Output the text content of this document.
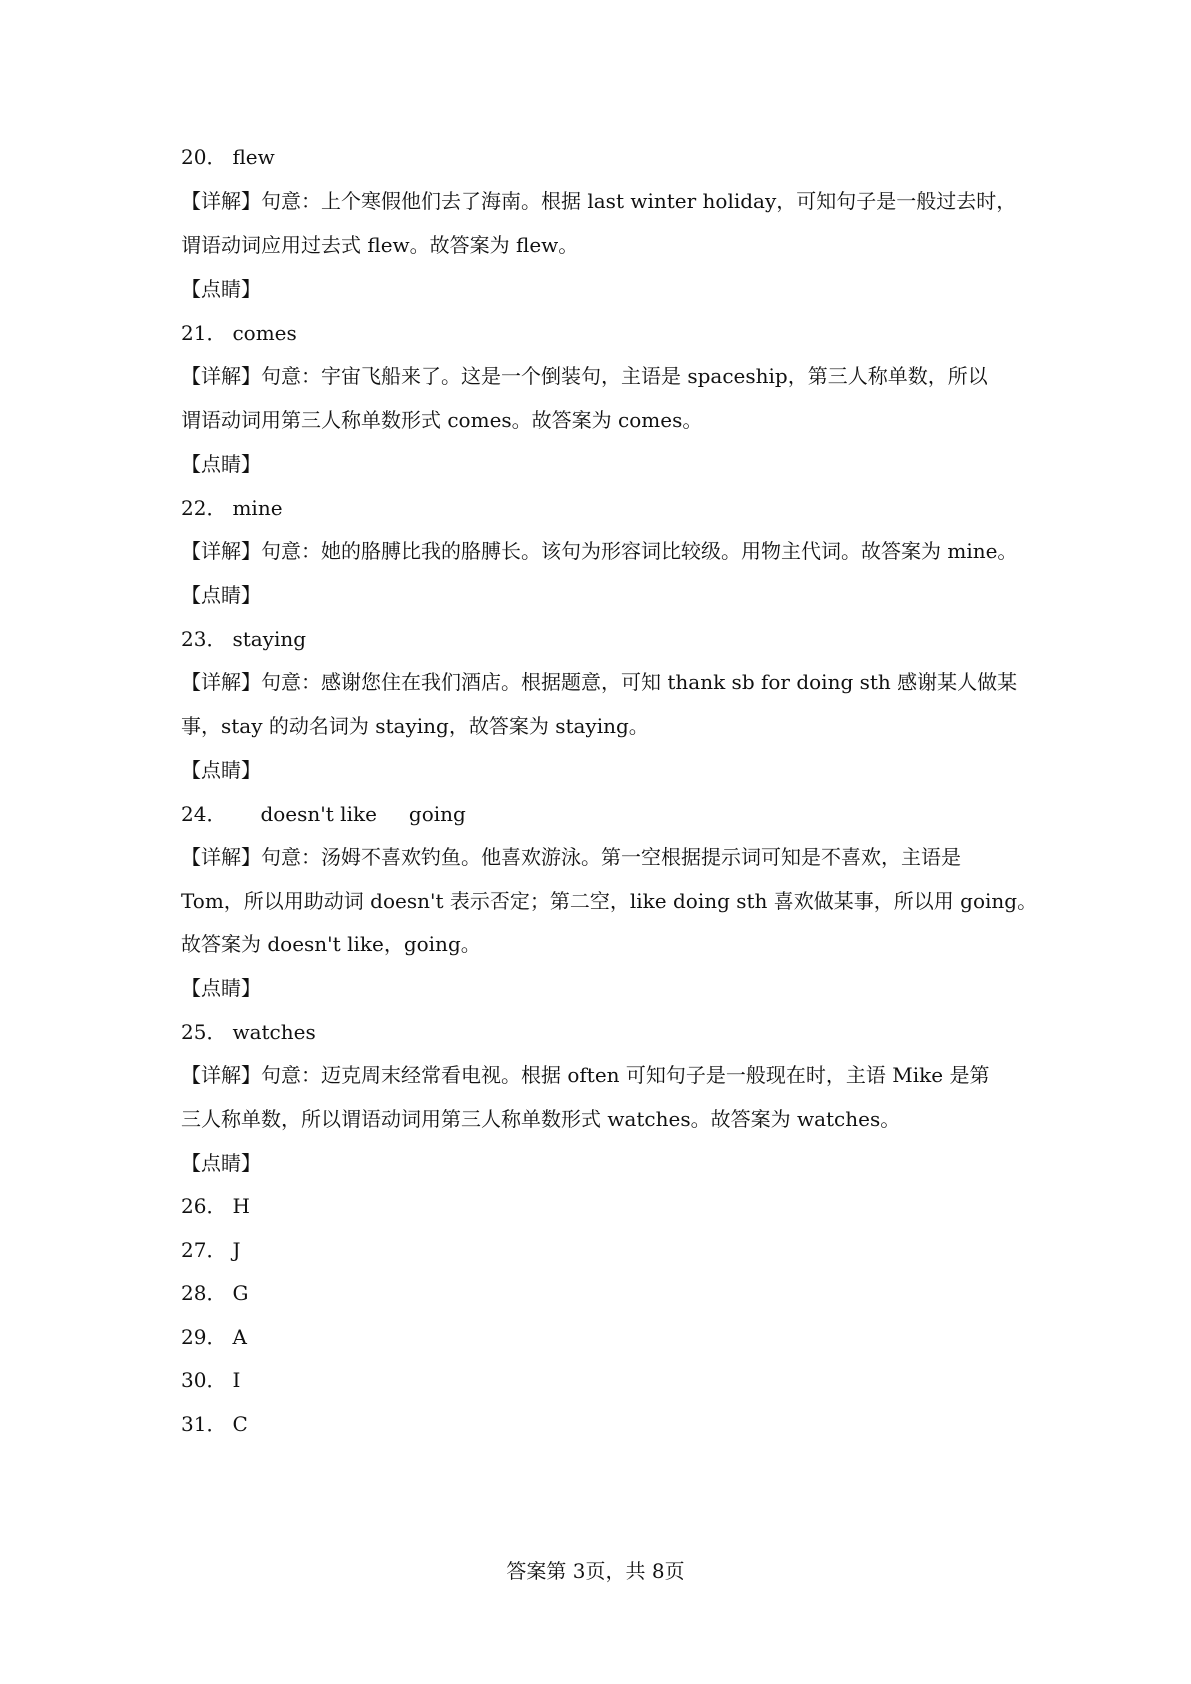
20． flew
【详解】句意：上个寒假他们去了海南。根据 last winter holiday，可知句子是一般过去时，
谓语动词应用过去式 flew。故答案为 flew。
【点睛】
21． comes
【详解】句意：宇宙飞船来了。这是一个倒装句，主语是 spaceship，第三人称单数，所以
谓语动词用第三人称单数形式 comes。故答案为 comes。
【点睛】
22． mine
【详解】句意：她的胳膊比我的胳膊长。该句为形容词比较级。用物主代词。故答案为 mine。
【点睛】
23． staying
【详解】句意：感谢您住在我们酒店。根据题意，可知 thank sb for doing sth 感谢某人做某
事，stay 的动名词为 staying，故答案为 staying。
【点睛】
24． doesn't like going
【详解】句意：汤姆不喜欢钓鱼。他喜欢游泳。第一空根据提示词可知是不喜欢，主语是
Tom，所以用助动词 doesn't 表示否定；第二空，like doing sth 喜欢做某事，所以用 going。
故答案为 doesn't like，going。
【点睛】
25． watches
【详解】句意：迈克周末经常看电视。根据 often 可知句子是一般现在时，主语 Mike 是第
三人称单数，所以谓语动词用第三人称单数形式 watches。故答案为 watches。
【点睛】
26． H
27． J
28． G
29． A
30． I
31． C
答案第 3页，共 8页
